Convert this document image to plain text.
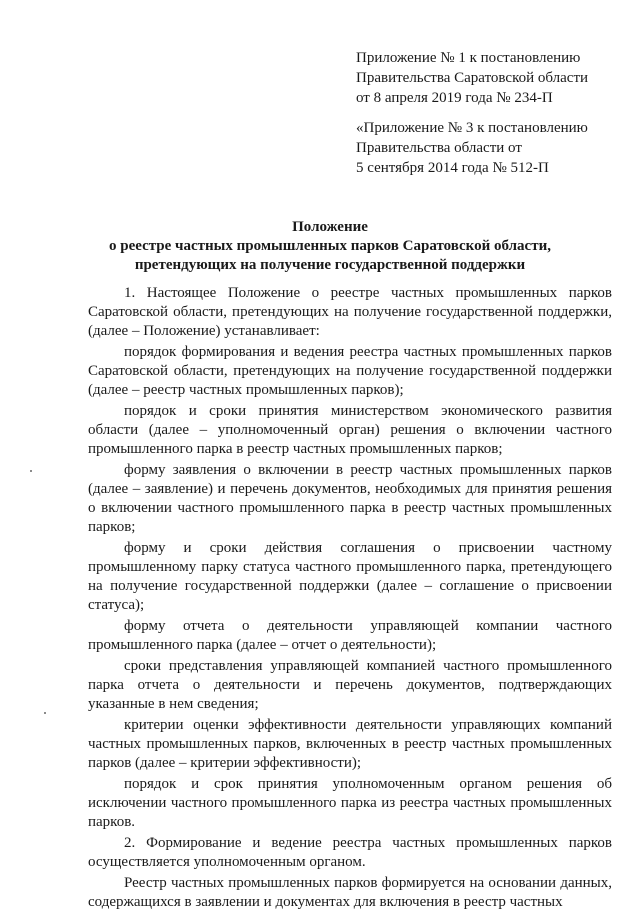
Приложение № 1 к постановлению
Правительства Саратовской области
от 8 апреля 2019 года № 234-П
«Приложение № 3 к постановлению
Правительства области от
5 сентября 2014 года № 512-П
Положение
о реестре частных промышленных парков Саратовской области,
претендующих на получение государственной поддержки

1. Настоящее Положение о реестре частных промышленных парков Саратовской области, претендующих на получение государственной поддержки, (далее – Положение) устанавливает:

порядок формирования и ведения реестра частных промышленных парков Саратовской области, претендующих на получение государственной поддержки (далее – реестр частных промышленных парков);

порядок и сроки принятия министерством экономического развития области (далее – уполномоченный орган) решения о включении частного промышленного парка в реестр частных промышленных парков;

форму заявления о включении в реестр частных промышленных парков (далее – заявление) и перечень документов, необходимых для принятия решения о включении частного промышленного парка в реестр частных промышленных парков;

форму и сроки действия соглашения о присвоении частному промышленному парку статуса частного промышленного парка, претендующего на получение государственной поддержки (далее – соглашение о присвоении статуса);

форму отчета о деятельности управляющей компании частного промышленного парка (далее – отчет о деятельности);

сроки представления управляющей компанией частного промышленного парка отчета о деятельности и перечень документов, подтверждающих указанные в нем сведения;

критерии оценки эффективности деятельности управляющих компаний частных промышленных парков, включенных в реестр частных промышленных парков (далее – критерии эффективности);

порядок и срок принятия уполномоченным органом решения об исключении частного промышленного парка из реестра частных промышленных парков.

2. Формирование и ведение реестра частных промышленных парков осуществляется уполномоченным органом.

Реестр частных промышленных парков формируется на основании данных, содержащихся в заявлении и документах для включения в реестр частных
